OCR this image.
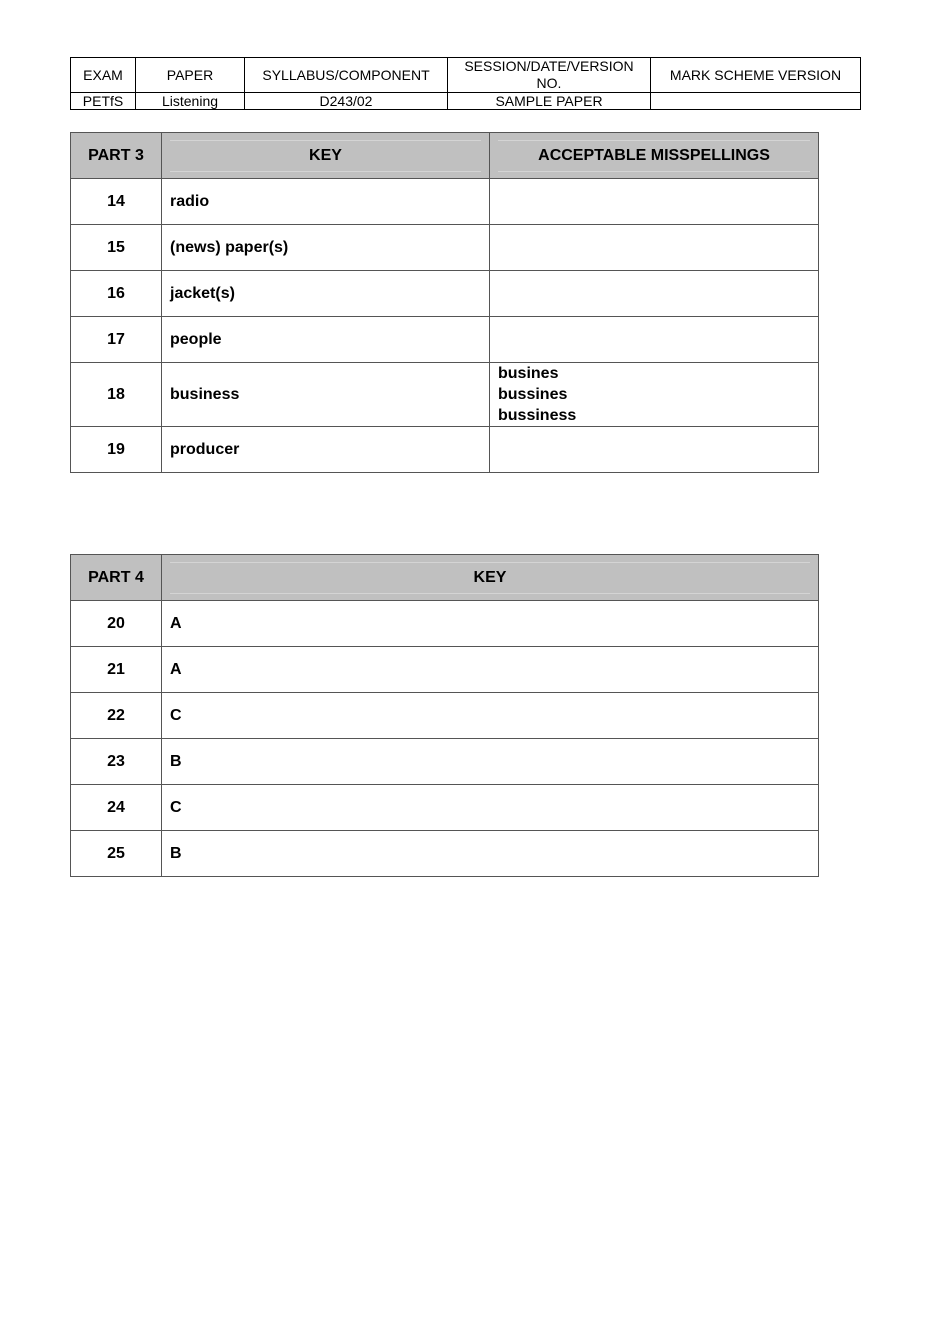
EXAM	PAPER	SYLLABUS/COMPONENT	SESSION/DATE/VERSION NO.	MARK SCHEME VERSION
PETfS	Listening	D243/02	SAMPLE PAPER	
PART 3	KEY	ACCEPTABLE MISSPELLINGS

14	radio	
15	(news) paper(s)	
16	jacket(s)	
17	people	
18	business	busines
bussines
bussiness

19	producer	
PART 4	KEY

20	A
21	A
22	C
23	B
24	C
25	B
